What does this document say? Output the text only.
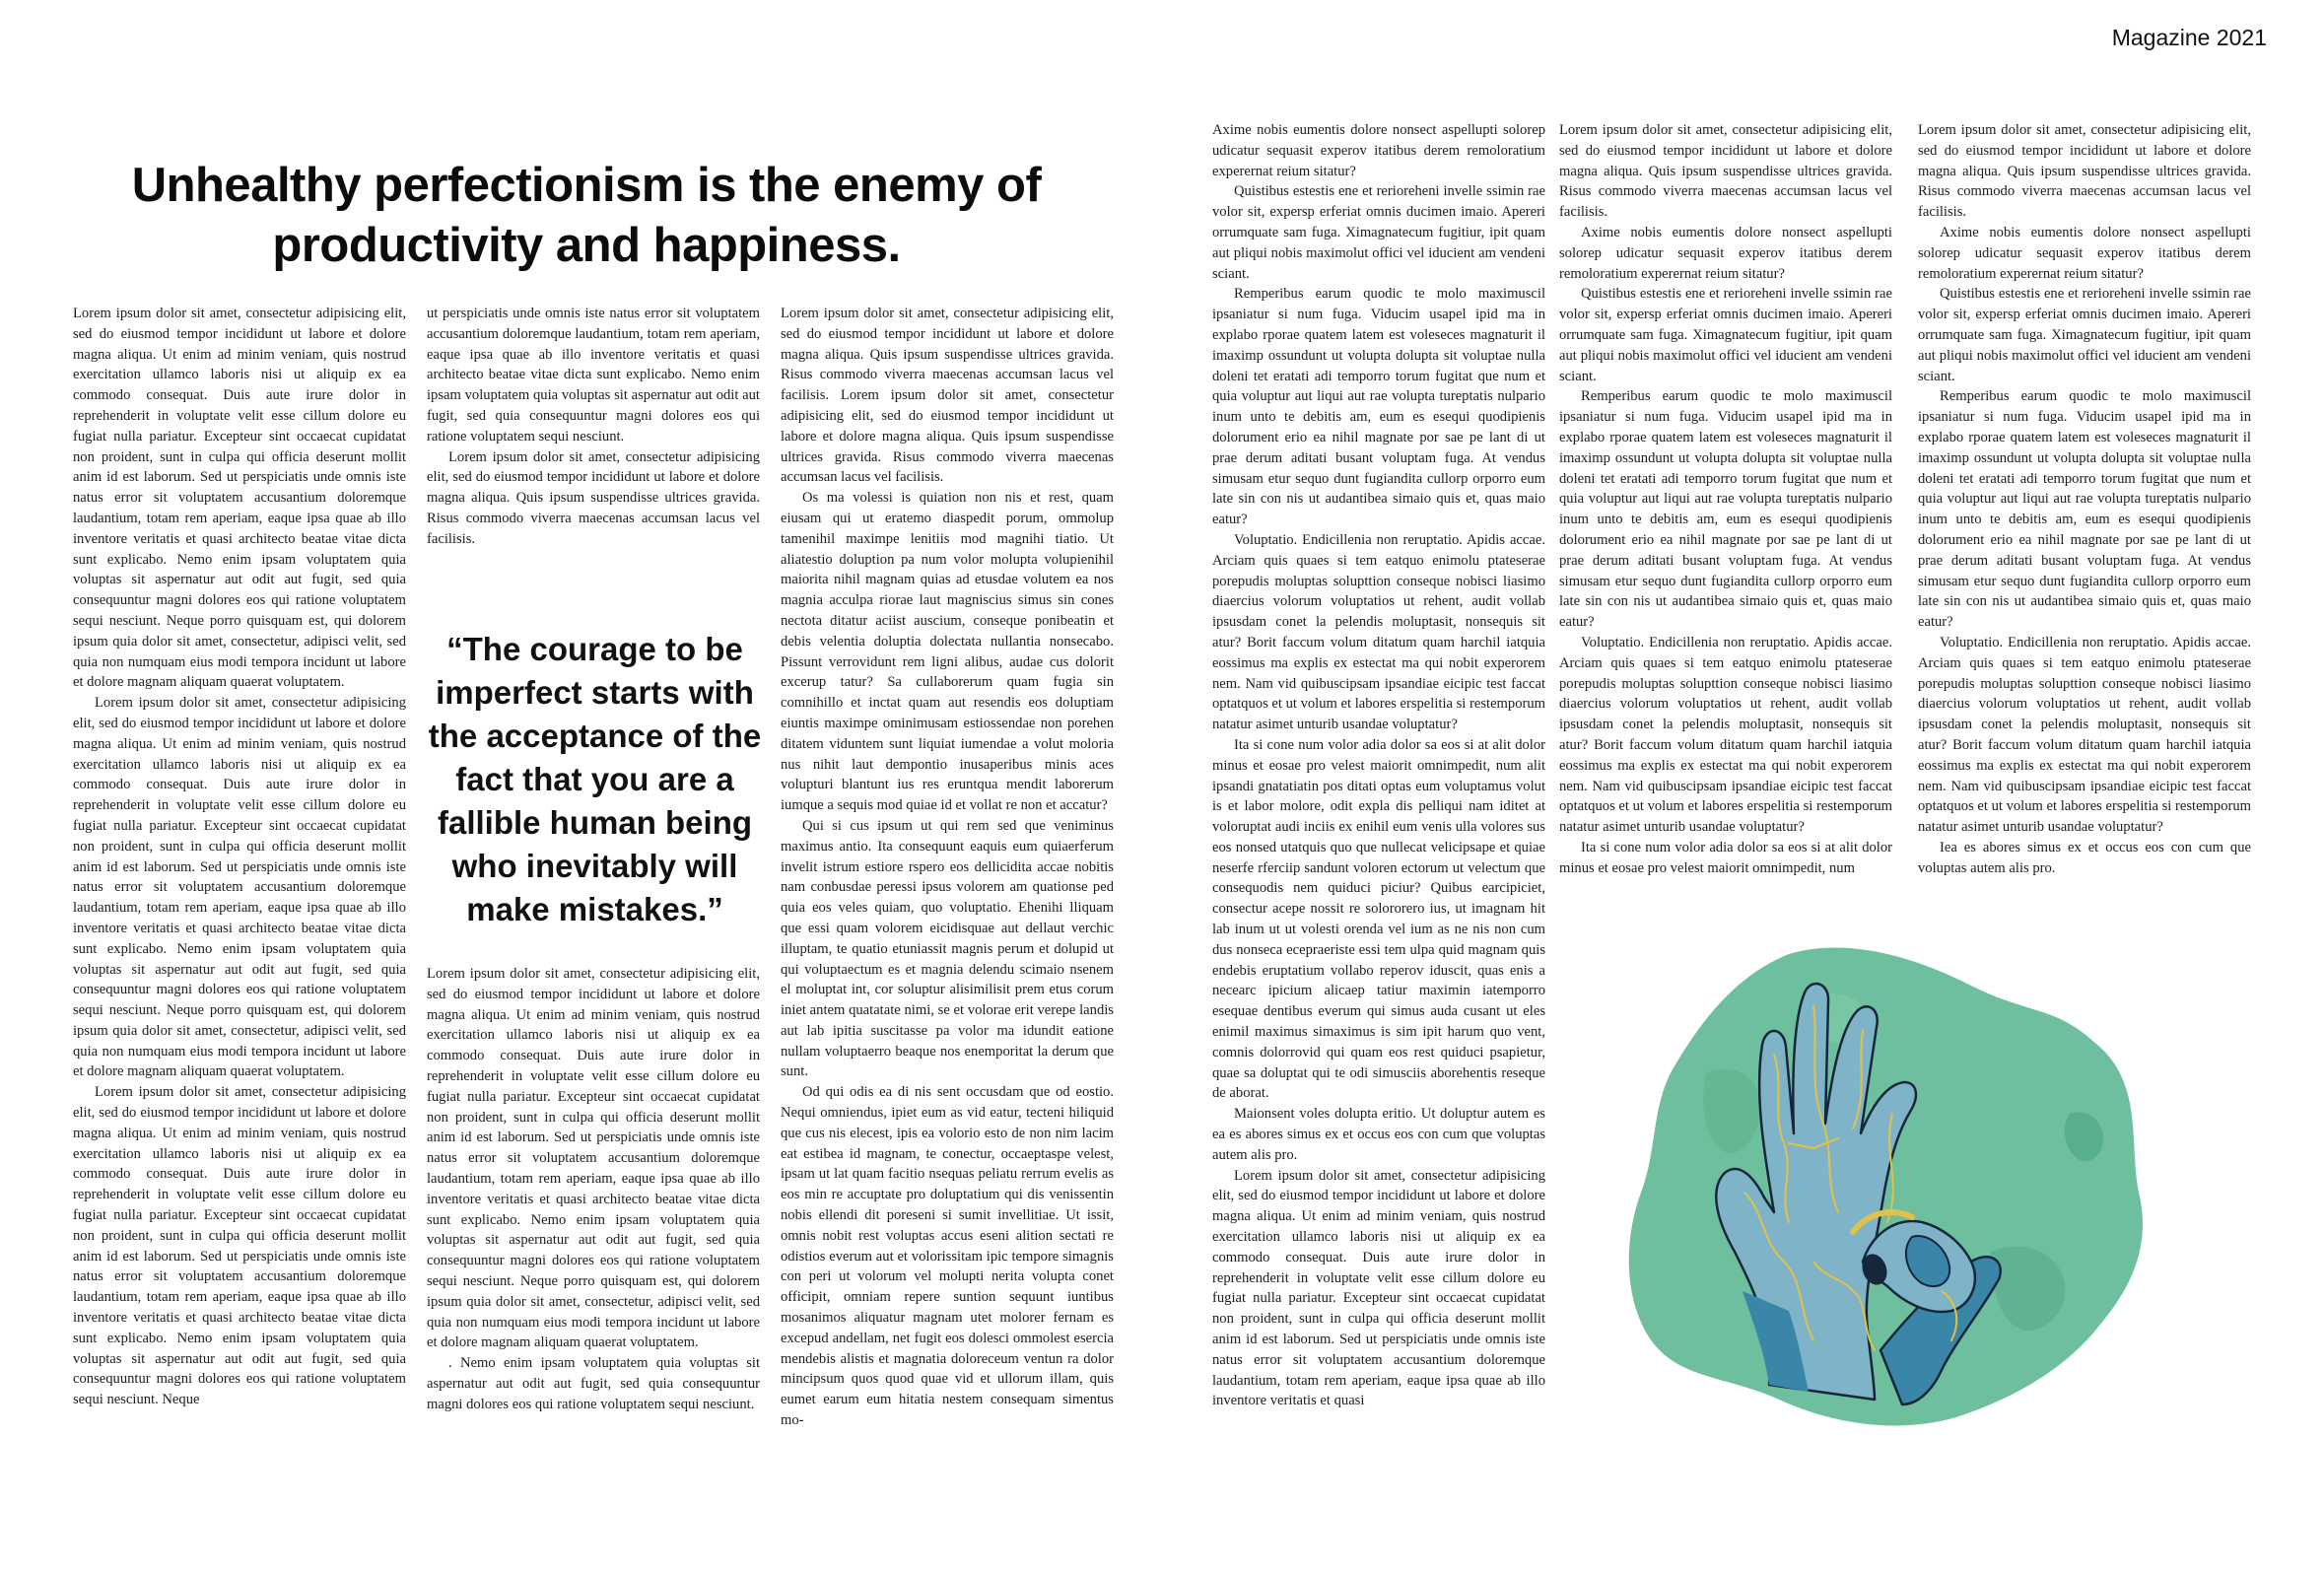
Magazine 2021
Unhealthy perfectionism is the enemy of productivity and happiness.

Lorem ipsum dolor sit amet, consectetur adipisicing elit, sed do eiusmod tempor incididunt ut labore et dolore magna aliqua. Ut enim ad minim veniam, quis nostrud exercitation ullamco laboris nisi ut aliquip ex ea commodo consequat. Duis aute irure dolor in reprehenderit in voluptate velit esse cillum dolore eu fugiat nulla pariatur. Excepteur sint occaecat cupidatat non proident, sunt in culpa qui officia deserunt mollit anim id est laborum. Sed ut perspiciatis unde omnis iste natus error sit voluptatem accusantium doloremque laudantium, totam rem aperiam, eaque ipsa quae ab illo inventore veritatis et quasi architecto beatae vitae dicta sunt explicabo. Nemo enim ipsam voluptatem quia voluptas sit aspernatur aut odit aut fugit, sed quia consequuntur magni dolores eos qui ratione voluptatem sequi nesciunt. Neque porro quisquam est, qui dolorem ipsum quia dolor sit amet, consectetur, adipisci velit, sed quia non numquam eius modi tempora incidunt ut labore et dolore magnam aliquam quaerat voluptatem.

Lorem ipsum dolor sit amet, consectetur adipisicing elit, sed do eiusmod tempor incididunt ut labore et dolore magna aliqua. Ut enim ad minim veniam, quis nostrud exercitation ullamco laboris nisi ut aliquip ex ea commodo consequat. Duis aute irure dolor in reprehenderit in voluptate velit esse cillum dolore eu fugiat nulla pariatur. Excepteur sint occaecat cupidatat non proident, sunt in culpa qui officia deserunt mollit anim id est laborum. Sed ut perspiciatis unde omnis iste natus error sit voluptatem accusantium doloremque laudantium, totam rem aperiam, eaque ipsa quae ab illo inventore veritatis et quasi architecto beatae vitae dicta sunt explicabo. Nemo enim ipsam voluptatem quia voluptas sit aspernatur aut odit aut fugit, sed quia consequuntur magni dolores eos qui ratione voluptatem sequi nesciunt. Neque porro quisquam est, qui dolorem ipsum quia dolor sit amet, consectetur, adipisci velit, sed quia non numquam eius modi tempora incidunt ut labore et dolore magnam aliquam quaerat voluptatem.

Lorem ipsum dolor sit amet, consectetur adipisicing elit, sed do eiusmod tempor incididunt ut labore et dolore magna aliqua. Ut enim ad minim veniam, quis nostrud exercitation ullamco laboris nisi ut aliquip ex ea commodo consequat. Duis aute irure dolor in reprehenderit in voluptate velit esse cillum dolore eu fugiat nulla pariatur. Excepteur sint occaecat cupidatat non proident, sunt in culpa qui officia deserunt mollit anim id est laborum. Sed ut perspiciatis unde omnis iste natus error sit voluptatem accusantium doloremque laudantium, totam rem aperiam, eaque ipsa quae ab illo inventore veritatis et quasi architecto beatae vitae dicta sunt explicabo. Nemo enim ipsam voluptatem quia voluptas sit aspernatur aut odit aut fugit, sed quia consequuntur magni dolores eos qui ratione voluptatem sequi nesciunt. Neque

ut perspiciatis unde omnis iste natus error sit voluptatem accusantium doloremque laudantium, totam rem aperiam, eaque ipsa quae ab illo inventore veritatis et quasi architecto beatae vitae dicta sunt explicabo. Nemo enim ipsam voluptatem quia voluptas sit aspernatur aut odit aut fugit, sed quia consequuntur magni dolores eos qui ratione voluptatem sequi nesciunt.

Lorem ipsum dolor sit amet, consectetur adipisicing elit, sed do eiusmod tempor incididunt ut labore et dolore magna aliqua. Quis ipsum suspendisse ultrices gravida. Risus commodo viverra maecenas accumsan lacus vel facilisis.

“The courage to be imperfect starts with the acceptance of the fact that you are a fallible human being who inevitably will make mistakes.”

Lorem ipsum dolor sit amet, consectetur adipisicing elit, sed do eiusmod tempor incididunt ut labore et dolore magna aliqua. Ut enim ad minim veniam, quis nostrud exercitation ullamco laboris nisi ut aliquip ex ea commodo consequat. Duis aute irure dolor in reprehenderit in voluptate velit esse cillum dolore eu fugiat nulla pariatur. Excepteur sint occaecat cupidatat non proident, sunt in culpa qui officia deserunt mollit anim id est laborum. Sed ut perspiciatis unde omnis iste natus error sit voluptatem accusantium doloremque laudantium, totam rem aperiam, eaque ipsa quae ab illo inventore veritatis et quasi architecto beatae vitae dicta sunt explicabo. Nemo enim ipsam voluptatem quia voluptas sit aspernatur aut odit aut fugit, sed quia consequuntur magni dolores eos qui ratione voluptatem sequi nesciunt. Neque porro quisquam est, qui dolorem ipsum quia dolor sit amet, consectetur, adipisci velit, sed quia non numquam eius modi tempora incidunt ut labore et dolore magnam aliquam quaerat voluptatem.

. Nemo enim ipsam voluptatem quia voluptas sit aspernatur aut odit aut fugit, sed quia consequuntur magni dolores eos qui ratione voluptatem sequi nesciunt.

Lorem ipsum dolor sit amet, consectetur adipisicing elit, sed do eiusmod tempor incididunt ut labore et dolore magna aliqua. Quis ipsum suspendisse ultrices gravida. Risus commodo viverra maecenas accumsan lacus vel facilisis. Lorem ipsum dolor sit amet, consectetur adipisicing elit, sed do eiusmod tempor incididunt ut labore et dolore magna aliqua. Quis ipsum suspendisse ultrices gravida. Risus commodo viverra maecenas accumsan lacus vel facilisis.

Os ma volessi is quiation non nis et rest, quam eiusam qui ut eratemo diaspedit porum, ommolup tamenihil maximpe lenitiis mod magnihi tiatio. Ut aliatestio doluption pa num volor molupta volupienihil maiorita nihil magnam quias ad etusdae volutem ea nos magnia acculpa riorae laut magniscius simus sin cones nectota ditatur aciist auscium, conseque ponibeatin et debis velentia doluptia dolectata nullantia nonsecabo. Pissunt verrovidunt rem ligni alibus, audae cus dolorit excerup tatur? Sa cullaborerum quam fugia sin comnihillo et inctat quam aut resendis eos doluptiam eiuntis maximpe ominimusam estiossendae non porehen ditatem viduntem sunt liquiat iumendae a volut moloria nus nihit laut dempontio inusaperibus minis aces volupturi blantunt ius res eruntqua mendit laborerum iumque a sequis mod quiae id et vollat re non et accatur?

Qui si cus ipsum ut qui rem sed que veniminus maximus antio. Ita consequunt eaquis eum quiaerferum invelit istrum estiore rspero eos dellicidita accae nobitis nam conbusdae peressi ipsus volorem am quationse ped quia eos veles quiam, quo voluptatio. Ehenihi lliquam que essi quam volorem eicidisquae aut dellaut verchic illuptam, te quatio etuniassit magnis perum et dolupid ut qui voluptaectum es et magnia delendu scimaio nsenem el moluptat int, cor soluptur alisimilisit prem etus corum iniet antem quatatate nimi, se et volorae erit verepe landis aut lab ipitia suscitasse pa volor ma idundit eatione nullam voluptaerro beaque nos enemporitat la derum que sunt.

Od qui odis ea di nis sent occusdam que od eostio. Nequi omniendus, ipiet eum as vid eatur, tecteni hiliquid que cus nis elecest, ipis ea volorio esto de non nim lacim eat estibea id magnam, te conectur, occaeptaspe velest, ipsam ut lat quam facitio nsequas peliatu rerrum evelis as eos min re accuptate pro doluptatium qui dis venissentin nobis ellendi dit poreseni si sumit invellitiae. Ut issit, omnis nobit rest voluptas accus eseni alition sectati re odistios everum aut et volorissitam ipic tempore simagnis con peri ut volorum vel molupti nerita volupta conet officipit, omniam repere suntion sequunt iuntibus mosanimos aliquatur magnam utet molorer fernam es excepud andellam, net fugit eos dolesci ommolest esercia mendebis alistis et magnatia doloreceum ventun ra dolor mincipsum quos quod quae vid et ullorum illam, quis eumet earum eum hitatia nestem consequam simentus mo-

Axime nobis eumentis dolore nonsect aspellupti solorep udicatur sequasit experov itatibus derem remoloratium experernat reium sitatur?

Quistibus estestis ene et rerioreheni invelle ssimin rae volor sit, expersp erferiat omnis ducimen imaio. Apereri orrumquate sam fuga. Ximagnatecum fugitiur, ipit quam aut pliqui nobis maximolut offici vel iducient am vendeni sciant.

Remperibus earum quodic te molo maximuscil ipsaniatur si num fuga. Viducim usapel ipid ma in explabo rporae quatem latem est voleseces magnaturit il imaximp ossundunt ut volupta dolupta sit voluptae nulla doleni tet eratati adi temporro torum fugitat que num et quia voluptur aut liqui aut rae volupta tureptatis nulpario inum unto te debitis am, eum es esequi quodipienis dolorument erio ea nihil magnate por sae pe lant di ut prae derum aditati busant voluptam fuga. At vendus simusam etur sequo dunt fugiandita cullorp orporro eum late sin con nis ut audantibea simaio quis et, quas maio eatur?

Voluptatio. Endicillenia non reruptatio. Apidis accae. Arciam quis quaes si tem eatquo enimolu ptateserae porepudis moluptas solupttion conseque nobisci liasimo diaercius volorum voluptatios ut rehent, audit vollab ipsusdam conet la pelendis moluptasit, nonsequis sit atur? Borit faccum volum ditatum quam harchil iatquia eossimus ma explis ex estectat ma qui nobit experorem nem. Nam vid quibuscipsam ipsandiae eicipic test faccat optatquos et ut volum et labores erspelitia si restemporum natatur asimet unturib usandae voluptatur?

Ita si cone num volor adia dolor sa eos si at alit dolor minus et eosae pro velest maiorit omnimpedit, num alit ipsandi gnatatiatin pos ditati optas eum voluptamus volut is et labor molore, odit expla dis pelliqui nam iditet at voloruptat audi inciis ex enihil eum venis ulla volores sus eos nonsed utatquis quo que nullecat velicipsape et quiae neserfe rferciip sandunt voloren ectorum ut velectum que consequodis nem quiduci piciur? Quibus earcipiciet, consectur acepe nossit re solororero ius, ut imagnam hit lab inum ut ut volesti orenda vel ium as ne nis non cum dus nonseca ecepraeriste essi tem ulpa quid magnam quis endebis eruptatium vollabo reperov iduscit, quas enis a necearc ipicium alicaep tatiur maximin iatemporro esequae dentibus everum qui simus auda cusant ut eles enimil maximus simaximus is sim ipit harum quo vent, comnis dolorrovid qui quam eos rest quiduci psapietur, quae sa doluptat qui te odi simusciis aborehentis reseque de aborat.

Maionsent voles dolupta eritio. Ut doluptur autem es ea es abores simus ex et occus eos con cum que voluptas autem alis pro.

Lorem ipsum dolor sit amet, consectetur adipisicing elit, sed do eiusmod tempor incididunt ut labore et dolore magna aliqua. Ut enim ad minim veniam, quis nostrud exercitation ullamco laboris nisi ut aliquip ex ea commodo consequat. Duis aute irure dolor in reprehenderit in voluptate velit esse cillum dolore eu fugiat nulla pariatur. Excepteur sint occaecat cupidatat non proident, sunt in culpa qui officia deserunt mollit anim id est laborum. Sed ut perspiciatis unde omnis iste natus error sit voluptatem accusantium doloremque laudantium, totam rem aperiam, eaque ipsa quae ab illo inventore veritatis et quasi

Lorem ipsum dolor sit amet, consectetur adipisicing elit, sed do eiusmod tempor incididunt ut labore et dolore magna aliqua. Quis ipsum suspendisse ultrices gravida. Risus commodo viverra maecenas accumsan lacus vel facilisis.

Axime nobis eumentis dolore nonsect aspellupti solorep udicatur sequasit experov itatibus derem remoloratium experernat reium sitatur?

Quistibus estestis ene et rerioreheni invelle ssimin rae volor sit, expersp erferiat omnis ducimen imaio. Apereri orrumquate sam fuga. Ximagnatecum fugitiur, ipit quam aut pliqui nobis maximolut offici vel iducient am vendeni sciant.

Remperibus earum quodic te molo maximuscil ipsaniatur si num fuga. Viducim usapel ipid ma in explabo rporae quatem latem est voleseces magnaturit il imaximp ossundunt ut volupta dolupta sit voluptae nulla doleni tet eratati adi temporro torum fugitat que num et quia voluptur aut liqui aut rae volupta tureptatis nulpario inum unto te debitis am, eum es esequi quodipienis dolorument erio ea nihil magnate por sae pe lant di ut prae derum aditati busant voluptam fuga. At vendus simusam etur sequo dunt fugiandita cullorp orporro eum late sin con nis ut audantibea simaio quis et, quas maio eatur?

Voluptatio. Endicillenia non reruptatio. Apidis accae. Arciam quis quaes si tem eatquo enimolu ptateserae porepudis moluptas solupttion conseque nobisci liasimo diaercius volorum voluptatios ut rehent, audit vollab ipsusdam conet la pelendis moluptasit, nonsequis sit atur? Borit faccum volum ditatum quam harchil iatquia eossimus ma explis ex estectat ma qui nobit experorem nem. Nam vid quibuscipsam ipsandiae eicipic test faccat optatquos et ut volum et labores erspelitia si restemporum natatur asimet unturib usandae voluptatur?

Ita si cone num volor adia dolor sa eos si at alit dolor minus et eosae pro velest maiorit omnimpedit, num

Lorem ipsum dolor sit amet, consectetur adipisicing elit, sed do eiusmod tempor incididunt ut labore et dolore magna aliqua. Quis ipsum suspendisse ultrices gravida. Risus commodo viverra maecenas accumsan lacus vel facilisis.

Axime nobis eumentis dolore nonsect aspellupti solorep udicatur sequasit experov itatibus derem remoloratium experernat reium sitatur?

Quistibus estestis ene et rerioreheni invelle ssimin rae volor sit, expersp erferiat omnis ducimen imaio. Apereri orrumquate sam fuga. Ximagnatecum fugitiur, ipit quam aut pliqui nobis maximolut offici vel iducient am vendeni sciant.

Remperibus earum quodic te molo maximuscil ipsaniatur si num fuga. Viducim usapel ipid ma in explabo rporae quatem latem est voleseces magnaturit il imaximp ossundunt ut volupta dolupta sit voluptae nulla doleni tet eratati adi temporro torum fugitat que num et quia voluptur aut liqui aut rae volupta tureptatis nulpario inum unto te debitis am, eum es esequi quodipienis dolorument erio ea nihil magnate por sae pe lant di ut prae derum aditati busant voluptam fuga. At vendus simusam etur sequo dunt fugiandita cullorp orporro eum late sin con nis ut audantibea simaio quis et, quas maio eatur?

Voluptatio. Endicillenia non reruptatio. Apidis accae. Arciam quis quaes si tem eatquo enimolu ptateserae porepudis moluptas solupttion conseque nobisci liasimo diaercius volorum voluptatios ut rehent, audit vollab ipsusdam conet la pelendis moluptasit, nonsequis sit atur? Borit faccum volum ditatum quam harchil iatquia eossimus ma explis ex estectat ma qui nobit experorem nem. Nam vid quibuscipsam ipsandiae eicipic test faccat optatquos et ut volum et labores erspelitia si restemporum natatur asimet unturib usandae voluptatur?

Iea es abores simus ex et occus eos con cum que voluptas autem alis pro.
